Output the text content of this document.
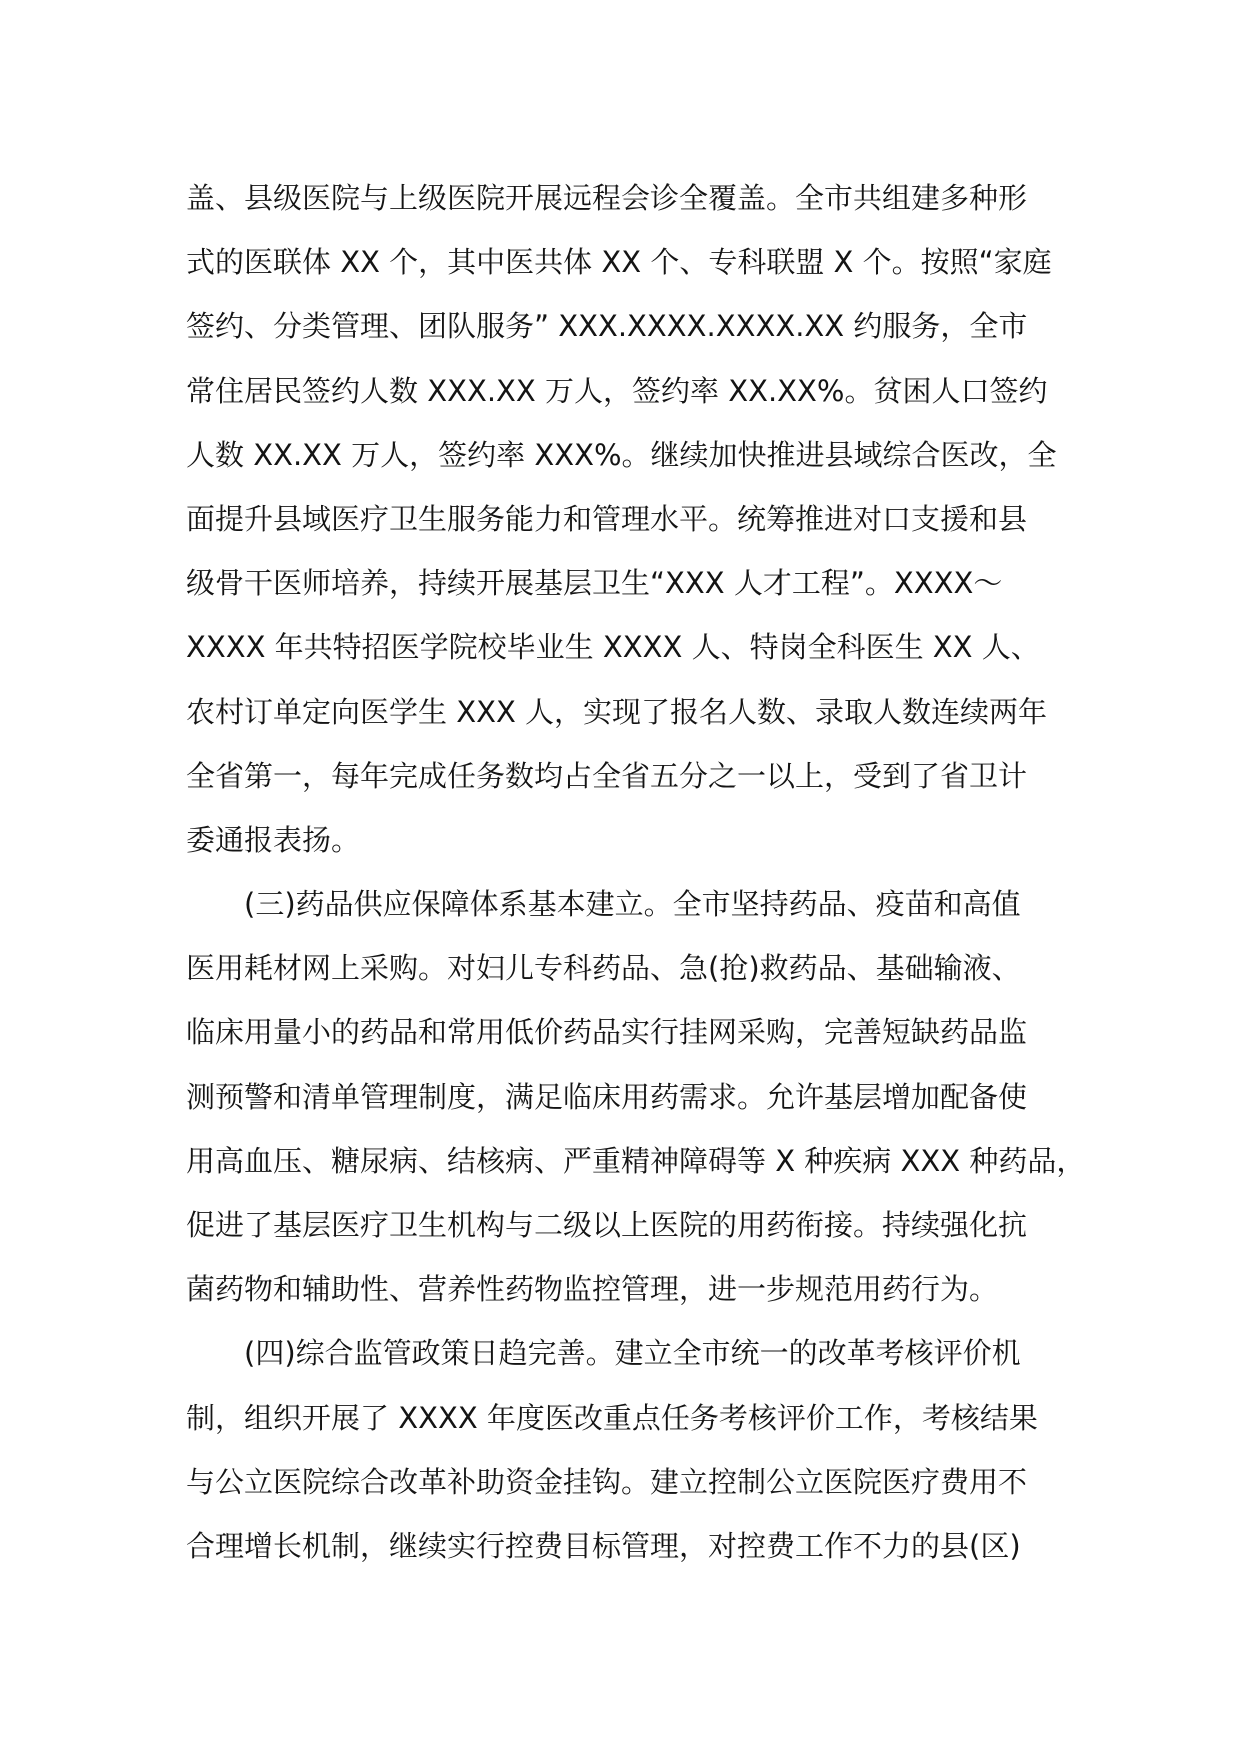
盖、县级医院与上级医院开展远程会诊全覆盖。全市共组建多种形
式的医联体 XX 个，其中医共体 XX 个、专科联盟 X 个。按照“家庭
签约、分类管理、团队服务” XXX.XXXX.XXXX.XX 约服务，全市
常住居民签约人数 XXX.XX 万人，签约率 XX.XX%。贫困人口签约
人数 XX.XX 万人，签约率 XXX%。继续加快推进县域综合医改，全
面提升县域医疗卫生服务能力和管理水平。统筹推进对口支援和县
级骨干医师培养，持续开展基层卫生“XXX 人才工程”。XXXX～
XXXX 年共特招医学院校毕业生 XXXX 人、特岗全科医生 XX 人、
农村订单定向医学生 XXX 人，实现了报名人数、录取人数连续两年
全省第一，每年完成任务数均占全省五分之一以上，受到了省卫计
委通报表扬。
(三)药品供应保障体系基本建立。全市坚持药品、疫苗和高值
医用耗材网上采购。对妇儿专科药品、急(抢)救药品、基础输液、
临床用量小的药品和常用低价药品实行挂网采购，完善短缺药品监
测预警和清单管理制度，满足临床用药需求。允许基层增加配备使
用高血压、糖尿病、结核病、严重精神障碍等 X 种疾病 XXX 种药品，
促进了基层医疗卫生机构与二级以上医院的用药衔接。持续强化抗
菌药物和辅助性、营养性药物监控管理，进一步规范用药行为。
(四)综合监管政策日趋完善。建立全市统一的改革考核评价机
制，组织开展了 XXXX 年度医改重点任务考核评价工作，考核结果
与公立医院综合改革补助资金挂钩。建立控制公立医院医疗费用不
合理增长机制，继续实行控费目标管理，对控费工作不力的县(区)
